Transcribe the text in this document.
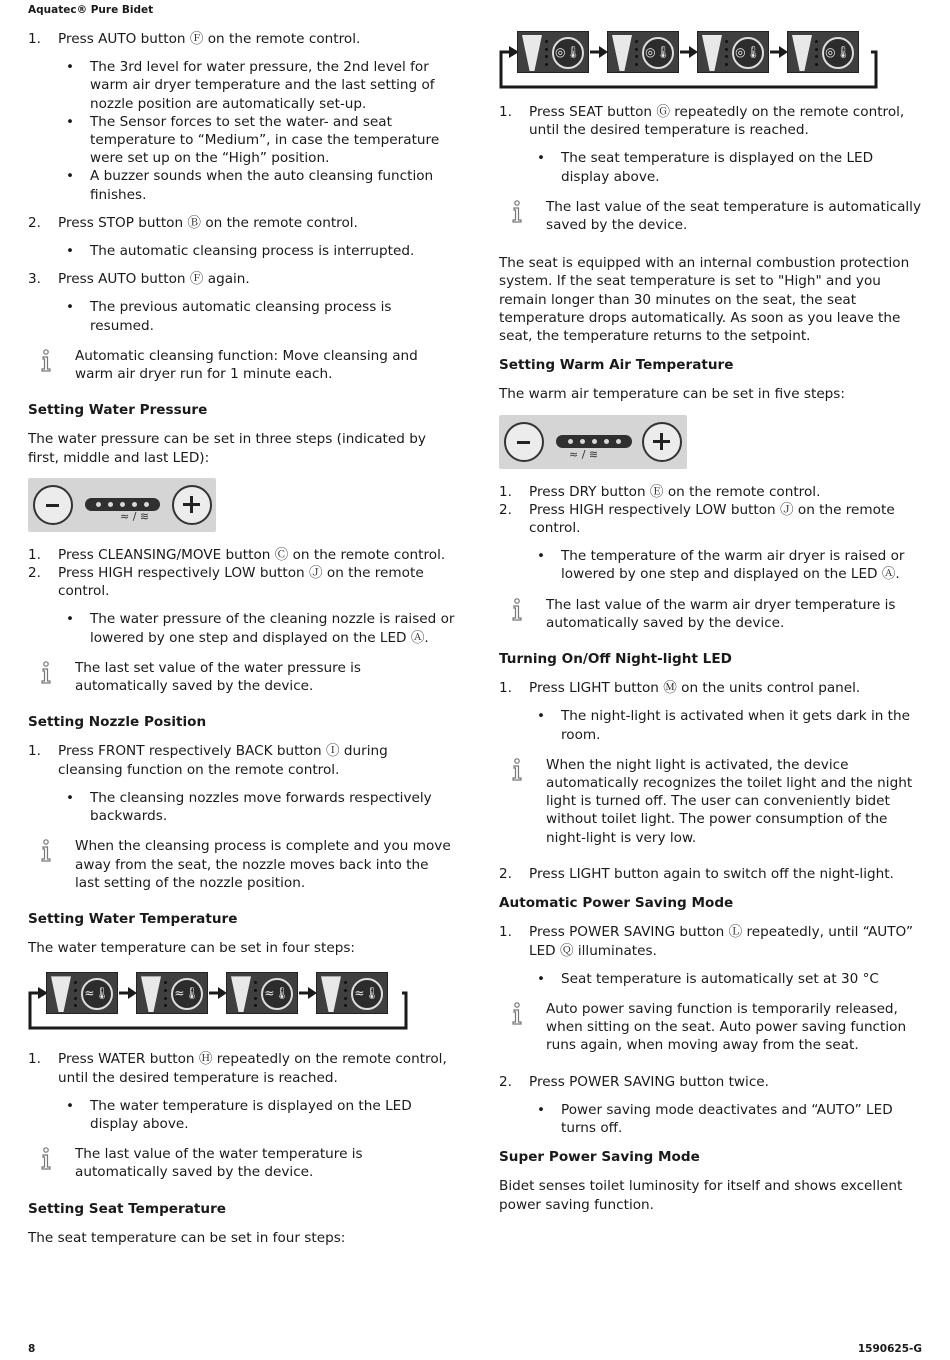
Aquatec® Pure Bidet
1. Press AUTO button Ⓕ on the remote control.
• The 3rd level for water pressure, the 2nd level for warm air dryer temperature and the last setting of nozzle position are automatically set-up.
• The Sensor forces to set the water- and seat temperature to “Medium”, in case the temperature were set up on the “High” position.
• A buzzer sounds when the auto cleansing function finishes.
2. Press STOP button Ⓑ on the remote control.
• The automatic cleansing process is interrupted.
3. Press AUTO button Ⓕ again.
• The previous automatic cleansing process is resumed.
Automatic cleansing function: Move cleansing and warm air dryer run for 1 minute each.
Setting Water Pressure
The water pressure can be set in three steps (indicated by first, middle and last LED):
≈ / ≋
1. Press CLEANSING/MOVE button Ⓒ on the remote control.
2. Press HIGH respectively LOW button Ⓙ on the remote control.
• The water pressure of the cleaning nozzle is raised or lowered by one step and displayed on the LED Ⓐ.
The last set value of the water pressure is automatically saved by the device.
Setting Nozzle Position
1. Press FRONT respectively BACK button Ⓘ during cleansing function on the remote control.
• The cleansing nozzles move forwards respectively backwards.
When the cleansing process is complete and you move away from the seat, the nozzle moves back into the last setting of the nozzle position.
Setting Water Temperature
The water temperature can be set in four steps:
≈🌡	≈🌡	≈🌡	≈🌡
1. Press WATER button Ⓗ repeatedly on the remote control, until the desired temperature is reached.
• The water temperature is displayed on the LED display above.
The last value of the water temperature is automatically saved by the device.
Setting Seat Temperature
The seat temperature can be set in four steps:
◎🌡	◎🌡	◎🌡	◎🌡
1. Press SEAT button Ⓖ repeatedly on the remote control, until the desired temperature is reached.
• The seat temperature is displayed on the LED display above.
The last value of the seat temperature is automatically saved by the device.
The seat is equipped with an internal combustion protection system. If the seat temperature is set to "High" and you remain longer than 30 minutes on the seat, the seat temperature drops automatically. As soon as you leave the seat, the temperature returns to the setpoint.
Setting Warm Air Temperature
The warm air temperature can be set in five steps:
≈ / ≋
1. Press DRY button Ⓔ on the remote control.
2. Press HIGH respectively LOW button Ⓙ on the remote control.
• The temperature of the warm air dryer is raised or lowered by one step and displayed on the LED Ⓐ.
The last value of the warm air dryer temperature is automatically saved by the device.
Turning On/Off Night-light LED
1. Press LIGHT button Ⓜ on the units control panel.
• The night-light is activated when it gets dark in the room.
When the night light is activated, the device automatically recognizes the toilet light and the night light is turned off. The user can conveniently bidet without toilet light. The power consumption of the night-light is very low.
2. Press LIGHT button again to switch off the night-light.
Automatic Power Saving Mode
1. Press POWER SAVING button Ⓛ repeatedly, until “AUTO” LED Ⓠ illuminates.
• Seat temperature is automatically set at 30 °C
Auto power saving function is temporarily released, when sitting on the seat. Auto power saving function runs again, when moving away from the seat.
2. Press POWER SAVING button twice.
• Power saving mode deactivates and “AUTO” LED turns off.
Super Power Saving Mode
Bidet senses toilet luminosity for itself and shows excellent power saving function.
8	1590625-G
